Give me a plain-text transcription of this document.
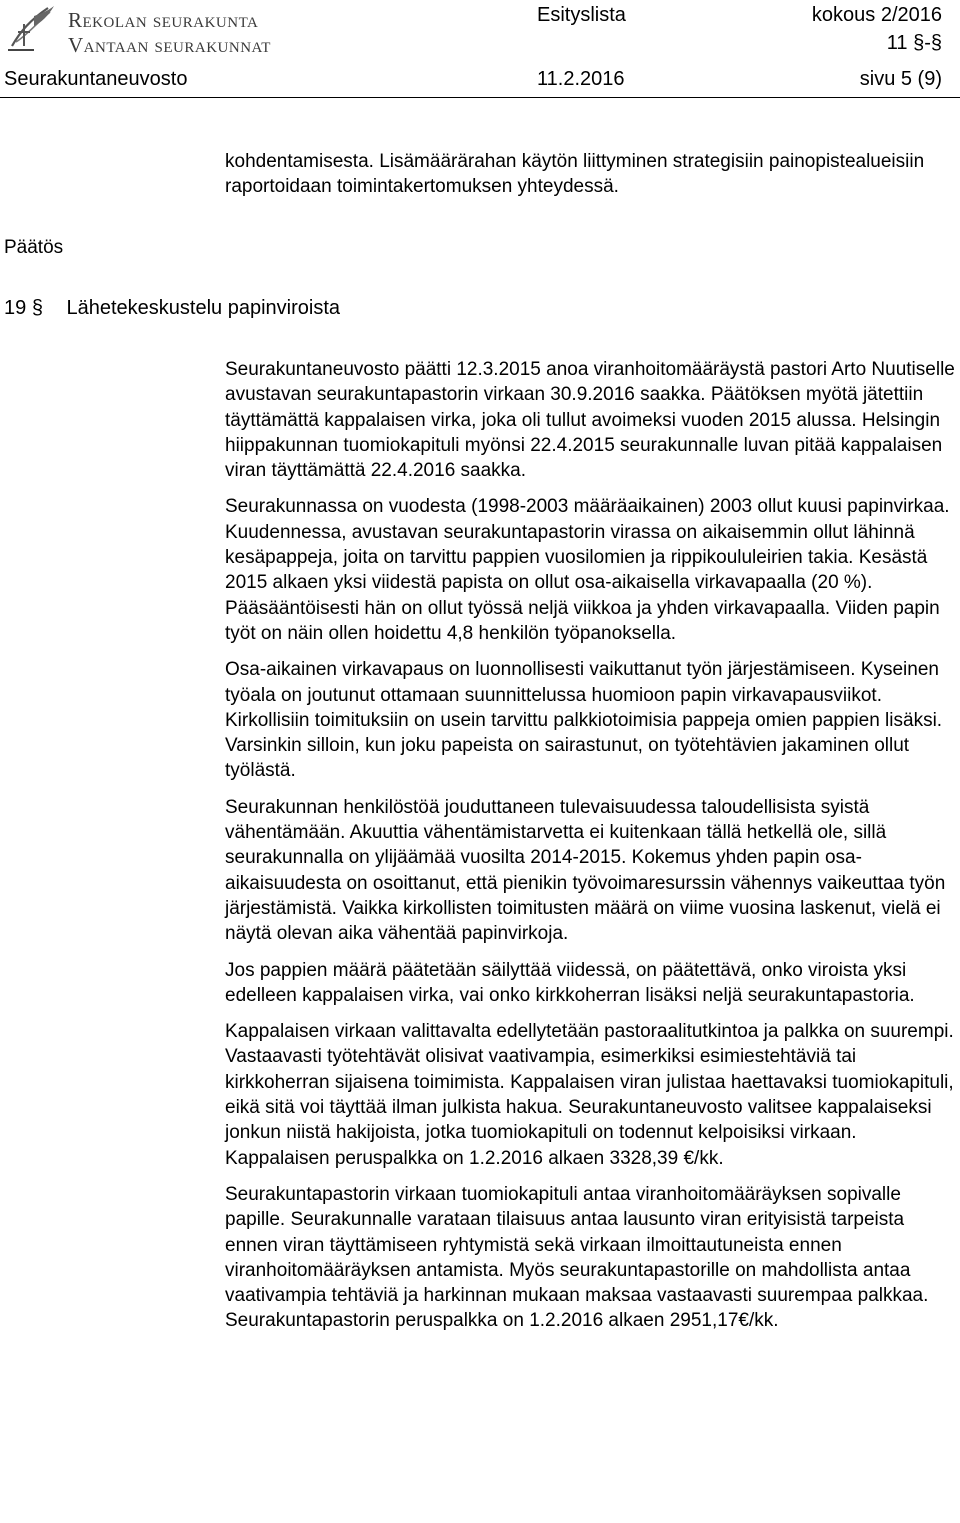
Rekolan seurakunta
Vantaan seurakunnat
Esityslista	kokous 2/2016
11 §-§
Seurakuntaneuvosto	11.2.2016	sivu 5 (9)
kohdentamisesta. Lisämäärärahan käytön liittyminen strategisiin painopistealueisiin raportoidaan toimintakertomuksen yhteydessä.
Päätös
19 § Lähetekeskustelu papinviroista

Seurakuntaneuvosto päätti 12.3.2015 anoa viranhoitomääräystä pastori Arto Nuutiselle avustavan seurakuntapastorin virkaan 30.9.2016 saakka. Päätöksen myötä jätettiin täyttämättä kappalaisen virka, joka oli tullut avoimeksi vuoden 2015 alussa. Helsingin hiippakunnan tuomiokapituli myönsi 22.4.2015 seurakunnalle luvan pitää kappalaisen viran täyttämättä 22.4.2016 saakka.

Seurakunnassa on vuodesta (1998-2003 määräaikainen) 2003 ollut kuusi papinvirkaa. Kuudennessa, avustavan seurakuntapastorin virassa on aikaisemmin ollut lähinnä kesäpappeja, joita on tarvittu pappien vuosilomien ja rippikoululeirien takia. Kesästä 2015 alkaen yksi viidestä papista on ollut osa-aikaisella virkavapaalla (20 %). Pääsääntöisesti hän on ollut työssä neljä viikkoa ja yhden virkavapaalla. Viiden papin työt on näin ollen hoidettu 4,8 henkilön työpanoksella.

Osa-aikainen virkavapaus on luonnollisesti vaikuttanut työn järjestämiseen. Kyseinen työala on joutunut ottamaan suunnittelussa huomioon papin virkavapausviikot. Kirkollisiin toimituksiin on usein tarvittu palkkiotoimisia pappeja omien pappien lisäksi. Varsinkin silloin, kun joku papeista on sairastunut, on työtehtävien jakaminen ollut työlästä.

Seurakunnan henkilöstöä jouduttaneen tulevaisuudessa taloudellisista syistä vähentämään. Akuuttia vähentämistarvetta ei kuitenkaan tällä hetkellä ole, sillä seurakunnalla on ylijäämää vuosilta 2014-2015. Kokemus yhden papin osa-aikaisuudesta on osoittanut, että pienikin työvoimaresurssin vähennys vaikeuttaa työn järjestämistä. Vaikka kirkollisten toimitusten määrä on viime vuosina laskenut, vielä ei näytä olevan aika vähentää papinvirkoja.

Jos pappien määrä päätetään säilyttää viidessä, on päätettävä, onko viroista yksi edelleen kappalaisen virka, vai onko kirkkoherran lisäksi neljä seurakuntapastoria.

Kappalaisen virkaan valittavalta edellytetään pastoraalitutkintoa ja palkka on suurempi. Vastaavasti työtehtävät olisivat vaativampia, esimerkiksi esimiestehtäviä tai kirkkoherran sijaisena toimimista. Kappalaisen viran julistaa haettavaksi tuomiokapituli, eikä sitä voi täyttää ilman julkista hakua. Seurakuntaneuvosto valitsee kappalaiseksi jonkun niistä hakijoista, jotka tuomiokapituli on todennut kelpoisiksi virkaan. Kappalaisen peruspalkka on 1.2.2016 alkaen 3328,39 €/kk.

Seurakuntapastorin virkaan tuomiokapituli antaa viranhoitomääräyksen sopivalle papille. Seurakunnalle varataan tilaisuus antaa lausunto viran erityisistä tarpeista ennen viran täyttämiseen ryhtymistä sekä virkaan ilmoittautuneista ennen viranhoitomääräyksen antamista. Myös seurakuntapastorille on mahdollista antaa vaativampia tehtäviä ja harkinnan mukaan maksaa vastaavasti suurempaa palkkaa. Seurakuntapastorin peruspalkka on 1.2.2016 alkaen 2951,17€/kk.
